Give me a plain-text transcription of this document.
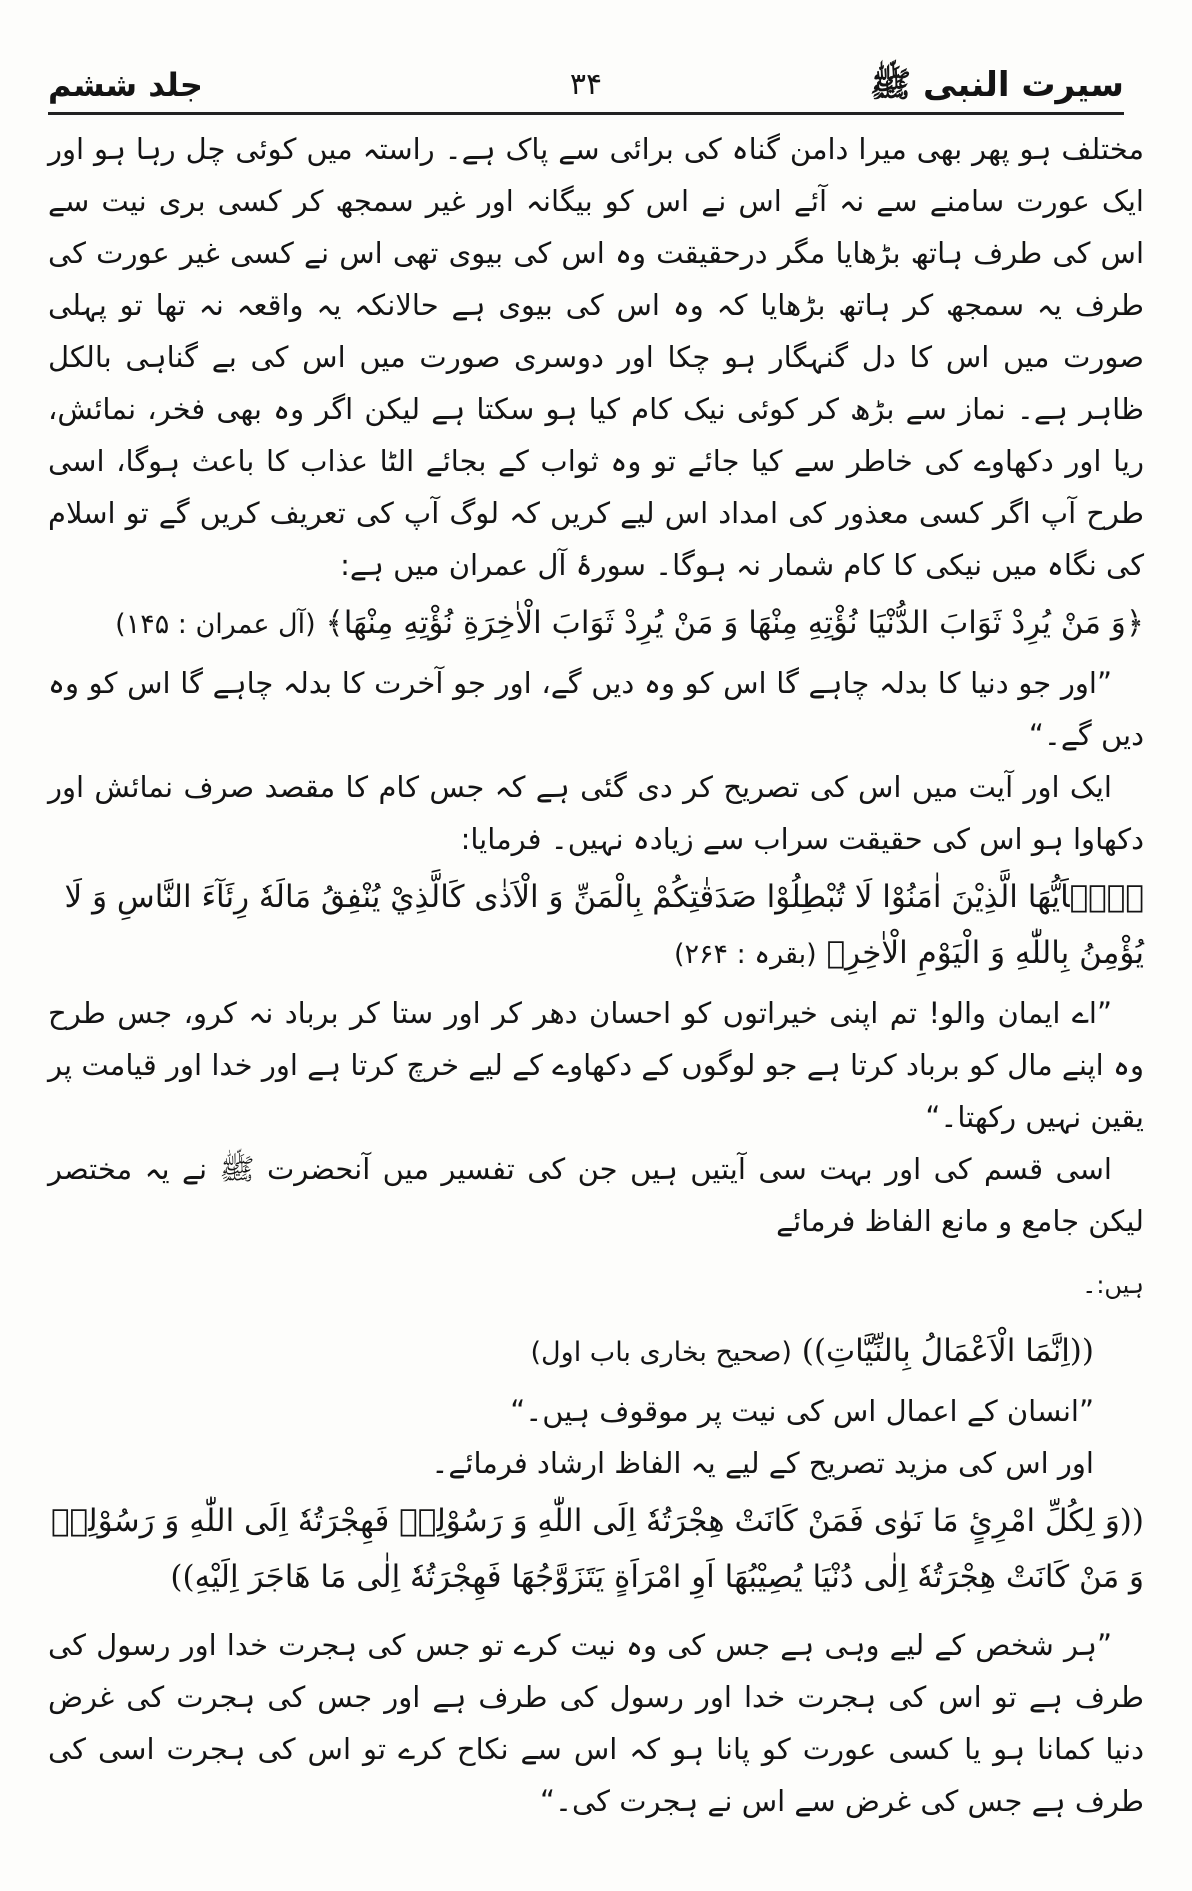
سیرت النبی ﷺ
۳۴
جلد ششم

مختلف ہو پھر بھی میرا دامن گناہ کی برائی سے پاک ہے۔ راستہ میں کوئی چل رہا ہو اور ایک عورت سامنے سے نہ آئے اس نے اس کو بیگانہ اور غیر سمجھ کر کسی بری نیت سے اس کی طرف ہاتھ بڑھایا مگر درحقیقت وہ اس کی بیوی تھی اس نے کسی غیر عورت کی طرف یہ سمجھ کر ہاتھ بڑھایا کہ وہ اس کی بیوی ہے حالانکہ یہ واقعہ نہ تھا تو پہلی صورت میں اس کا دل گنہگار ہو چکا اور دوسری صورت میں اس کی بے گناہی بالکل ظاہر ہے۔ نماز سے بڑھ کر کوئی نیک کام کیا ہو سکتا ہے لیکن اگر وہ بھی فخر، نمائش، ریا اور دکھاوے کی خاطر سے کیا جائے تو وہ ثواب کے بجائے الٹا عذاب کا باعث ہوگا، اسی طرح آپ اگر کسی معذور کی امداد اس لیے کریں کہ لوگ آپ کی تعریف کریں گے تو اسلام کی نگاہ میں نیکی کا کام شمار نہ ہوگا۔ سورۂ آل عمران میں ہے:

﴿وَ مَنْ يُرِدْ ثَوَابَ الدُّنْيَا نُؤْتِهِ مِنْهَا وَ مَنْ يُرِدْ ثَوَابَ الْاٰخِرَةِ نُؤْتِهِ مِنْهَا﴾ (آل عمران : ۱۴۵)

”اور جو دنیا کا بدلہ چاہے گا اس کو وہ دیں گے، اور جو آخرت کا بدلہ چاہے گا اس کو وہ دیں گے۔“

ایک اور آیت میں اس کی تصریح کر دی گئی ہے کہ جس کام کا مقصد صرف نمائش اور دکھاوا ہو اس کی حقیقت سراب سے زیادہ نہیں۔ فرمایا:

﴿يٰۤاَيُّهَا الَّذِيْنَ اٰمَنُوْا لَا تُبْطِلُوْا صَدَقٰتِكُمْ بِالْمَنِّ وَ الْاَذٰى كَالَّذِيْ يُنْفِقُ مَالَهٗ رِئَآءَ النَّاسِ وَ لَا يُؤْمِنُ بِاللّٰهِ وَ الْيَوْمِ الْاٰخِرِ﴾ (بقرہ : ۲۶۴)

”اے ایمان والو! تم اپنی خیراتوں کو احسان دھر کر اور ستا کر برباد نہ کرو، جس طرح وہ اپنے مال کو برباد کرتا ہے جو لوگوں کے دکھاوے کے لیے خرچ کرتا ہے اور خدا اور قیامت پر یقین نہیں رکھتا۔“

اسی قسم کی اور بہت سی آیتیں ہیں جن کی تفسیر میں آنحضرت ﷺ نے یہ مختصر لیکن جامع و مانع الفاظ فرمائے

ہیں:۔

((اِنَّمَا الْاَعْمَالُ بِالنِّيَّاتِ)) (صحیح بخاری باب اول)

”انسان کے اعمال اس کی نیت پر موقوف ہیں۔“

اور اس کی مزید تصریح کے لیے یہ الفاظ ارشاد فرمائے۔

((وَ لِكُلِّ امْرِئٍ مَا نَوٰى فَمَنْ كَانَتْ هِجْرَتُهٗ اِلَى اللّٰهِ وَ رَسُوْلِهٖ فَهِجْرَتُهٗ اِلَى اللّٰهِ وَ رَسُوْلِهٖ وَ مَنْ كَانَتْ هِجْرَتُهٗ اِلٰى دُنْيَا يُصِيْبُهَا اَوِ امْرَاَةٍ يَتَزَوَّجُهَا فَهِجْرَتُهٗ اِلٰى مَا هَاجَرَ اِلَيْهِ))

”ہر شخص کے لیے وہی ہے جس کی وہ نیت کرے تو جس کی ہجرت خدا اور رسول کی طرف ہے تو اس کی ہجرت خدا اور رسول کی طرف ہے اور جس کی ہجرت کی غرض دنیا کمانا ہو یا کسی عورت کو پانا ہو کہ اس سے نکاح کرے تو اس کی ہجرت اسی کی طرف ہے جس کی غرض سے اس نے ہجرت کی۔“
